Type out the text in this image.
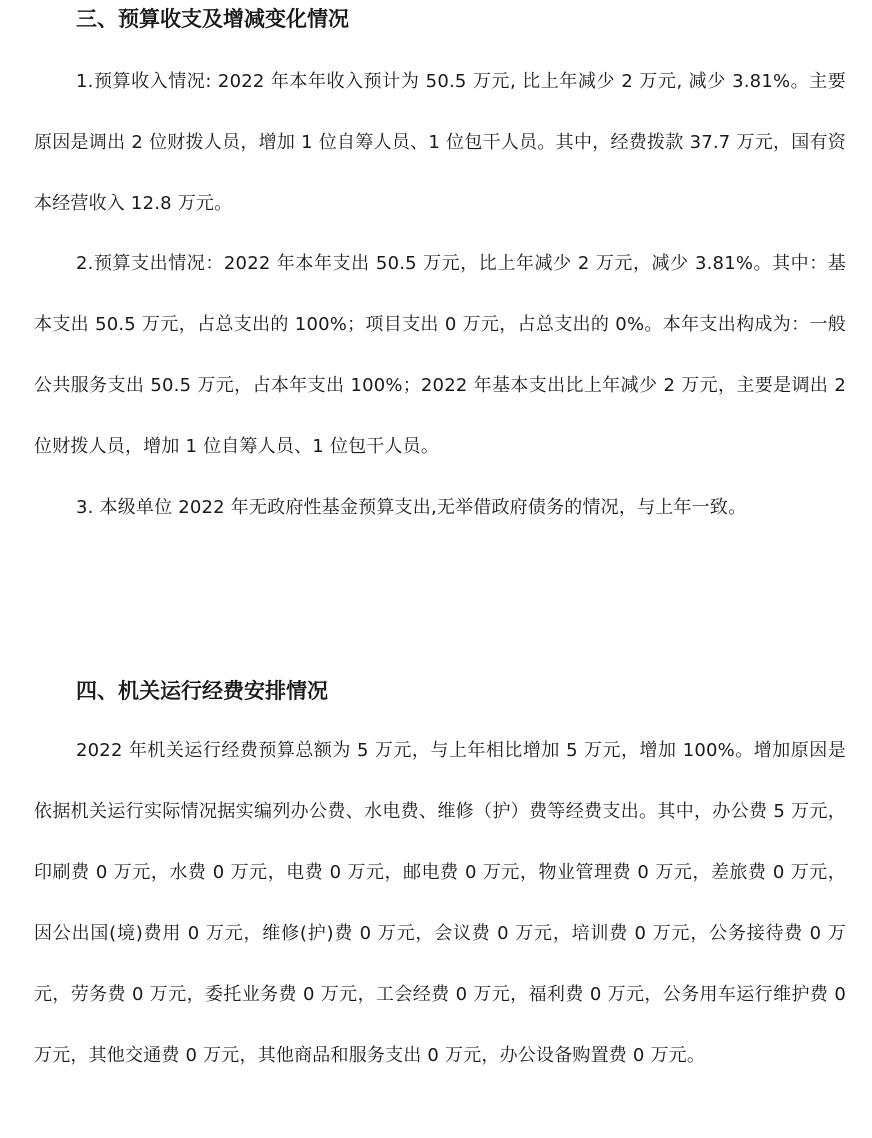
三、预算收支及增减变化情况

1.预算收入情况: 2022 年本年收入预计为 50.5 万元, 比上年减少 2 万元, 减少 3.81%。主要原因是调出 2 位财拨人员，增加 1 位自筹人员、1 位包干人员。其中，经费拨款 37.7 万元，国有资本经营收入 12.8 万元。

2.预算支出情况：2022 年本年支出 50.5 万元，比上年减少 2 万元，减少 3.81%。其中：基本支出 50.5 万元，占总支出的 100%；项目支出 0 万元，占总支出的 0%。本年支出构成为：一般公共服务支出 50.5 万元，占本年支出 100%；2022 年基本支出比上年减少 2 万元，主要是调出 2 位财拨人员，增加 1 位自筹人员、1 位包干人员。

3. 本级单位 2022 年无政府性基金预算支出,无举借政府债务的情况，与上年一致。

四、机关运行经费安排情况

2022 年机关运行经费预算总额为 5 万元，与上年相比增加 5 万元，增加 100%。增加原因是依据机关运行实际情况据实编列办公费、水电费、维修（护）费等经费支出。其中，办公费 5 万元，印刷费 0 万元，水费 0 万元，电费 0 万元，邮电费 0 万元，物业管理费 0 万元，差旅费 0 万元，因公出国(境)费用 0 万元，维修(护)费 0 万元，会议费 0 万元，培训费 0 万元，公务接待费 0 万元，劳务费 0 万元，委托业务费 0 万元，工会经费 0 万元，福利费 0 万元，公务用车运行维护费 0 万元，其他交通费 0 万元，其他商品和服务支出 0 万元，办公设备购置费 0 万元。
